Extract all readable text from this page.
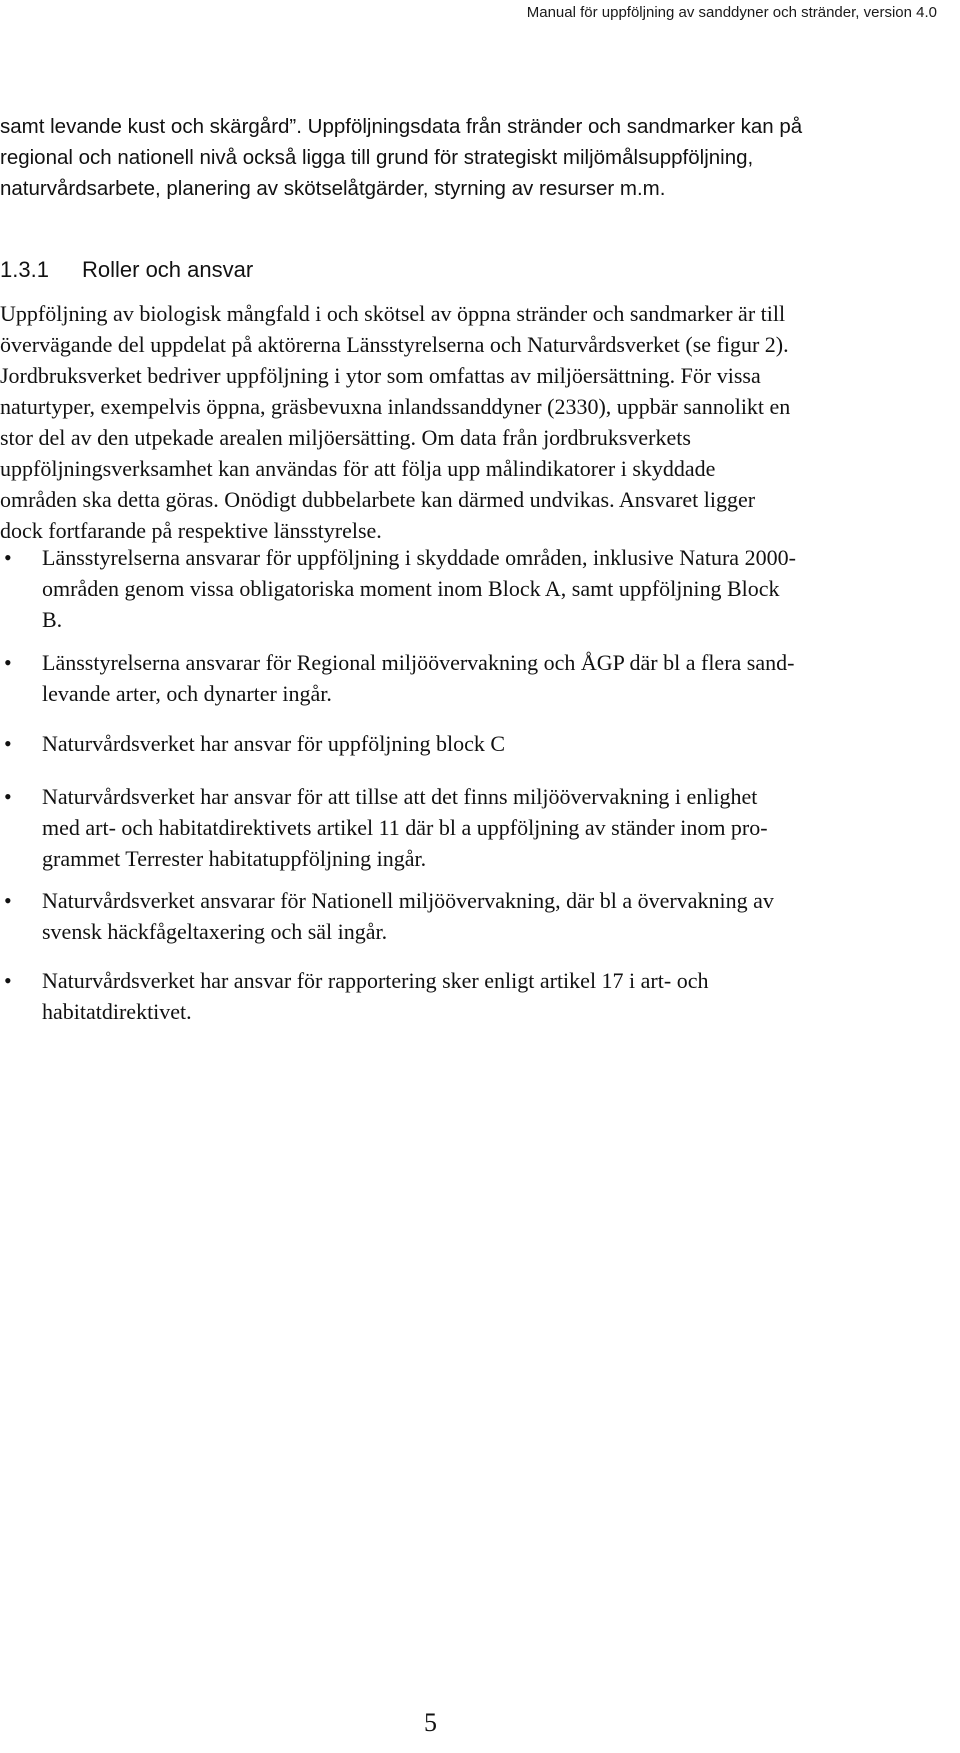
Manual för uppföljning av sanddyner och stränder, version 4.0

samt levande kust och skärgård”. Uppföljningsdata från stränder och sandmarker kan på
regional och nationell nivå också ligga till grund för strategiskt miljömålsuppföljning,
naturvårdsarbete, planering av skötselåtgärder, styrning av resurser m.m.

1.3.1 Roller och ansvar

Uppföljning av biologisk mångfald i och skötsel av öppna stränder och sandmarker är till
övervägande del uppdelat på aktörerna Länsstyrelserna och Naturvårdsverket (se figur 2).
Jordbruksverket bedriver uppföljning i ytor som omfattas av miljöersättning. För vissa
naturtyper, exempelvis öppna, gräsbevuxna inlandssanddyner (2330), uppbär sannolikt en
stor del av den utpekade arealen miljöersätting. Om data från jordbruksverkets
uppföljningsverksamhet kan användas för att följa upp målindikatorer i skyddade
områden ska detta göras. Onödigt dubbelarbete kan därmed undvikas. Ansvaret ligger
dock fortfarande på respektive länsstyrelse.

• Länsstyrelserna ansvarar för uppföljning i skyddade områden, inklusive Natura 2000-
områden genom vissa obligatoriska moment inom Block A, samt uppföljning Block
B.
• Länsstyrelserna ansvarar för Regional miljöövervakning och ÅGP där bl a flera sand-
levande arter, och dynarter ingår.
• Naturvårdsverket har ansvar för uppföljning block C
• Naturvårdsverket har ansvar för att tillse att det finns miljöövervakning i enlighet
med art- och habitatdirektivets artikel 11 där bl a uppföljning av ständer inom pro-
grammet Terrester habitatuppföljning ingår.
• Naturvårdsverket ansvarar för Nationell miljöövervakning, där bl a övervakning av
svensk häckfågeltaxering och säl ingår.
• Naturvårdsverket har ansvar för rapportering sker enligt artikel 17 i art- och
habitatdirektivet.
5
